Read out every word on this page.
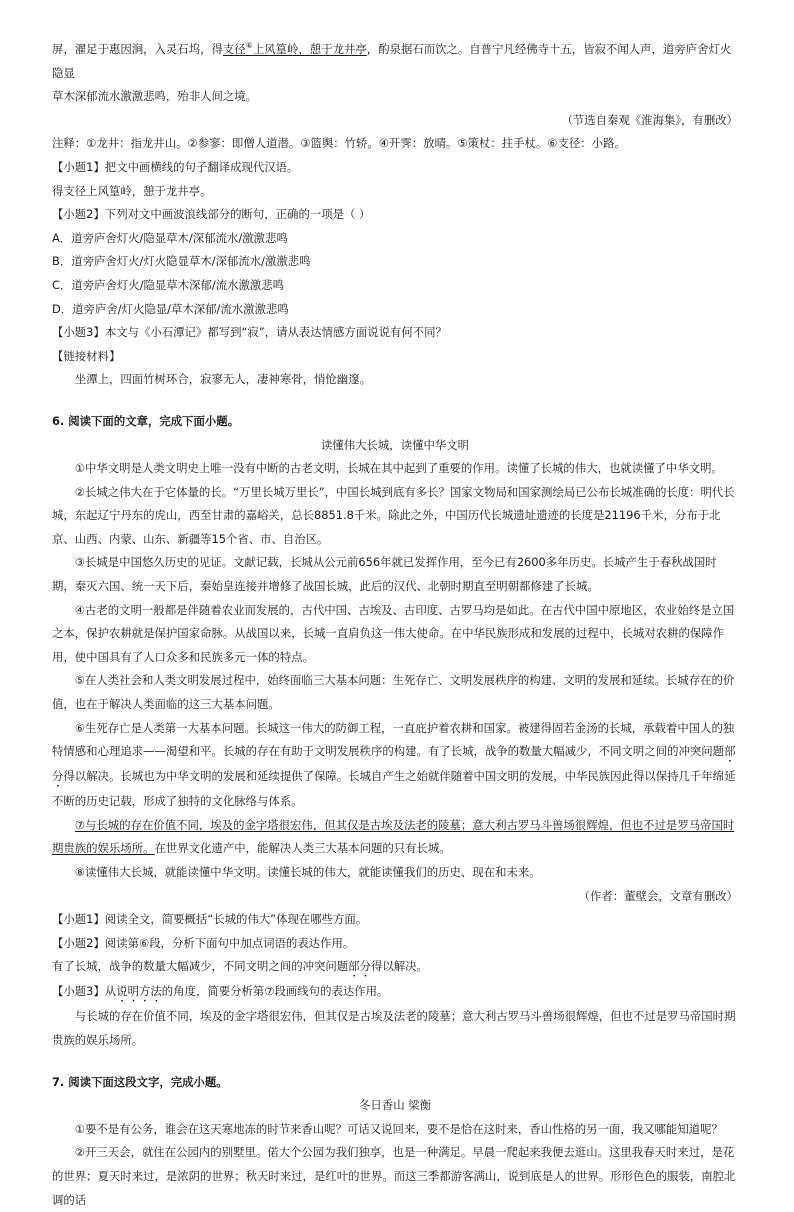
屏，濯足于惠因涧，入灵石坞，得支径⑥上风篁岭，憩于龙井亭，酌泉据石而饮之。自普宁凡经佛寺十五，皆寂不闻人声，道旁庐舍灯火隐显

草木深郁流水激激悲鸣，殆非人间之境。

（节选自秦观《淮海集》，有删改）

注释：①龙井：指龙井山。②参寥：即僧人道潜。③篮舆：竹轿。④开霁：放晴。⑤策杖：拄手杖。⑥支径：小路。

【小题1】把文中画横线的句子翻译成现代汉语。

得支径上风篁岭，憩于龙井亭。

【小题2】下列对文中画波浪线部分的断句，正确的一项是（ ）

A．道旁庐舍灯火/隐显草木/深郁流水/激激悲鸣

B．道旁庐舍灯火/灯火隐显草木/深郁流水/激激悲鸣

C．道旁庐舍灯火/隐显草木深郁/流水激激悲鸣

D．道旁庐舍/灯火隐显/草木深郁/流水激激悲鸣

【小题3】本文与《小石潭记》都写到“寂”，请从表达情感方面说说有何不同？

【链接材料】

坐潭上，四面竹树环合，寂寥无人，凄神寒骨，悄怆幽邃。

6. 阅读下面的文章，完成下面小题。

读懂伟大长城，读懂中华文明

①中华文明是人类文明史上唯一没有中断的古老文明，长城在其中起到了重要的作用。读懂了长城的伟大，也就读懂了中华文明。

②长城之伟大在于它体量的长。“万里长城万里长”，中国长城到底有多长？国家文物局和国家测绘局已公布长城准确的长度：明代长城，东起辽宁丹东的虎山，西至甘肃的嘉峪关，总长8851.8千米。除此之外，中国历代长城遗址遗迹的长度是21196千米，分布于北京、山西、内蒙、山东、新疆等15个省、市、自治区。

③长城是中国悠久历史的见证。文献记载，长城从公元前656年就已发挥作用，至今已有2600多年历史。长城产生于春秋战国时期，秦灭六国、统一天下后，秦始皇连接并增修了战国长城，此后的汉代、北朝时期直至明朝都修建了长城。

④古老的文明一般都是伴随着农业而发展的，古代中国、古埃及、古印度、古罗马均是如此。在古代中国中原地区，农业始终是立国之本，保护农耕就是保护国家命脉。从战国以来，长城一直肩负这一伟大使命。在中华民族形成和发展的过程中，长城对农耕的保障作用，使中国具有了人口众多和民族多元一体的特点。

⑤在人类社会和人类文明发展过程中，始终面临三大基本问题：生死存亡、文明发展秩序的构建、文明的发展和延续。长城存在的价值，也在于解决人类面临的这三大基本问题。

⑥生死存亡是人类第一大基本问题。长城这一伟大的防御工程，一直庇护着农耕和国家。被建得固若金汤的长城，承载着中国人的独特情感和心理追求——渴望和平。长城的存在有助于文明发展秩序的构建。有了长城，战争的数量大幅减少，不同文明之间的冲突问题部分得以解决。长城也为中华文明的发展和延续提供了保障。长城自产生之始就伴随着中国文明的发展，中华民族因此得以保持几千年绵延不断的历史记载，形成了独特的文化脉络与体系。

⑦与长城的存在价值不同，埃及的金字塔很宏伟，但其仅是古埃及法老的陵墓；意大利古罗马斗兽场很辉煌，但也不过是罗马帝国时期贵族的娱乐场所。在世界文化遗产中，能解决人类三大基本问题的只有长城。

⑧读懂伟大长城，就能读懂中华文明。读懂长城的伟大，就能读懂我们的历史、现在和未来。

（作者：董壁会，文章有删改）

【小题1】阅读全文，简要概括“长城的伟大”体现在哪些方面。

【小题2】阅读第⑥段，分析下面句中加点词语的表达作用。

有了长城，战争的数量大幅减少，不同文明之间的冲突问题部分得以解决。

【小题3】从说明方法的角度，简要分析第⑦段画线句的表达作用。

与长城的存在价值不同，埃及的金字塔很宏伟，但其仅是古埃及法老的陵墓；意大利古罗马斗兽场很辉煌，但也不过是罗马帝国时期贵族的娱乐场所。

7. 阅读下面这段文字，完成小题。

冬日香山 梁衡

①要不是有公务，谁会在这天寒地冻的时节来香山呢？可话又说回来，要不是恰在这时来，香山性格的另一面，我又哪能知道呢？

②开三天会，就住在公园内的别墅里。偌大个公园为我们独享，也是一种满足。早晨一爬起来我便去逛山。这里我春天时来过，是花的世界；夏天时来过，是浓阴的世界；秋天时来过，是红叶的世界。而这三季都游客满山，说到底是人的世界。形形色色的服装，南腔北调的话
